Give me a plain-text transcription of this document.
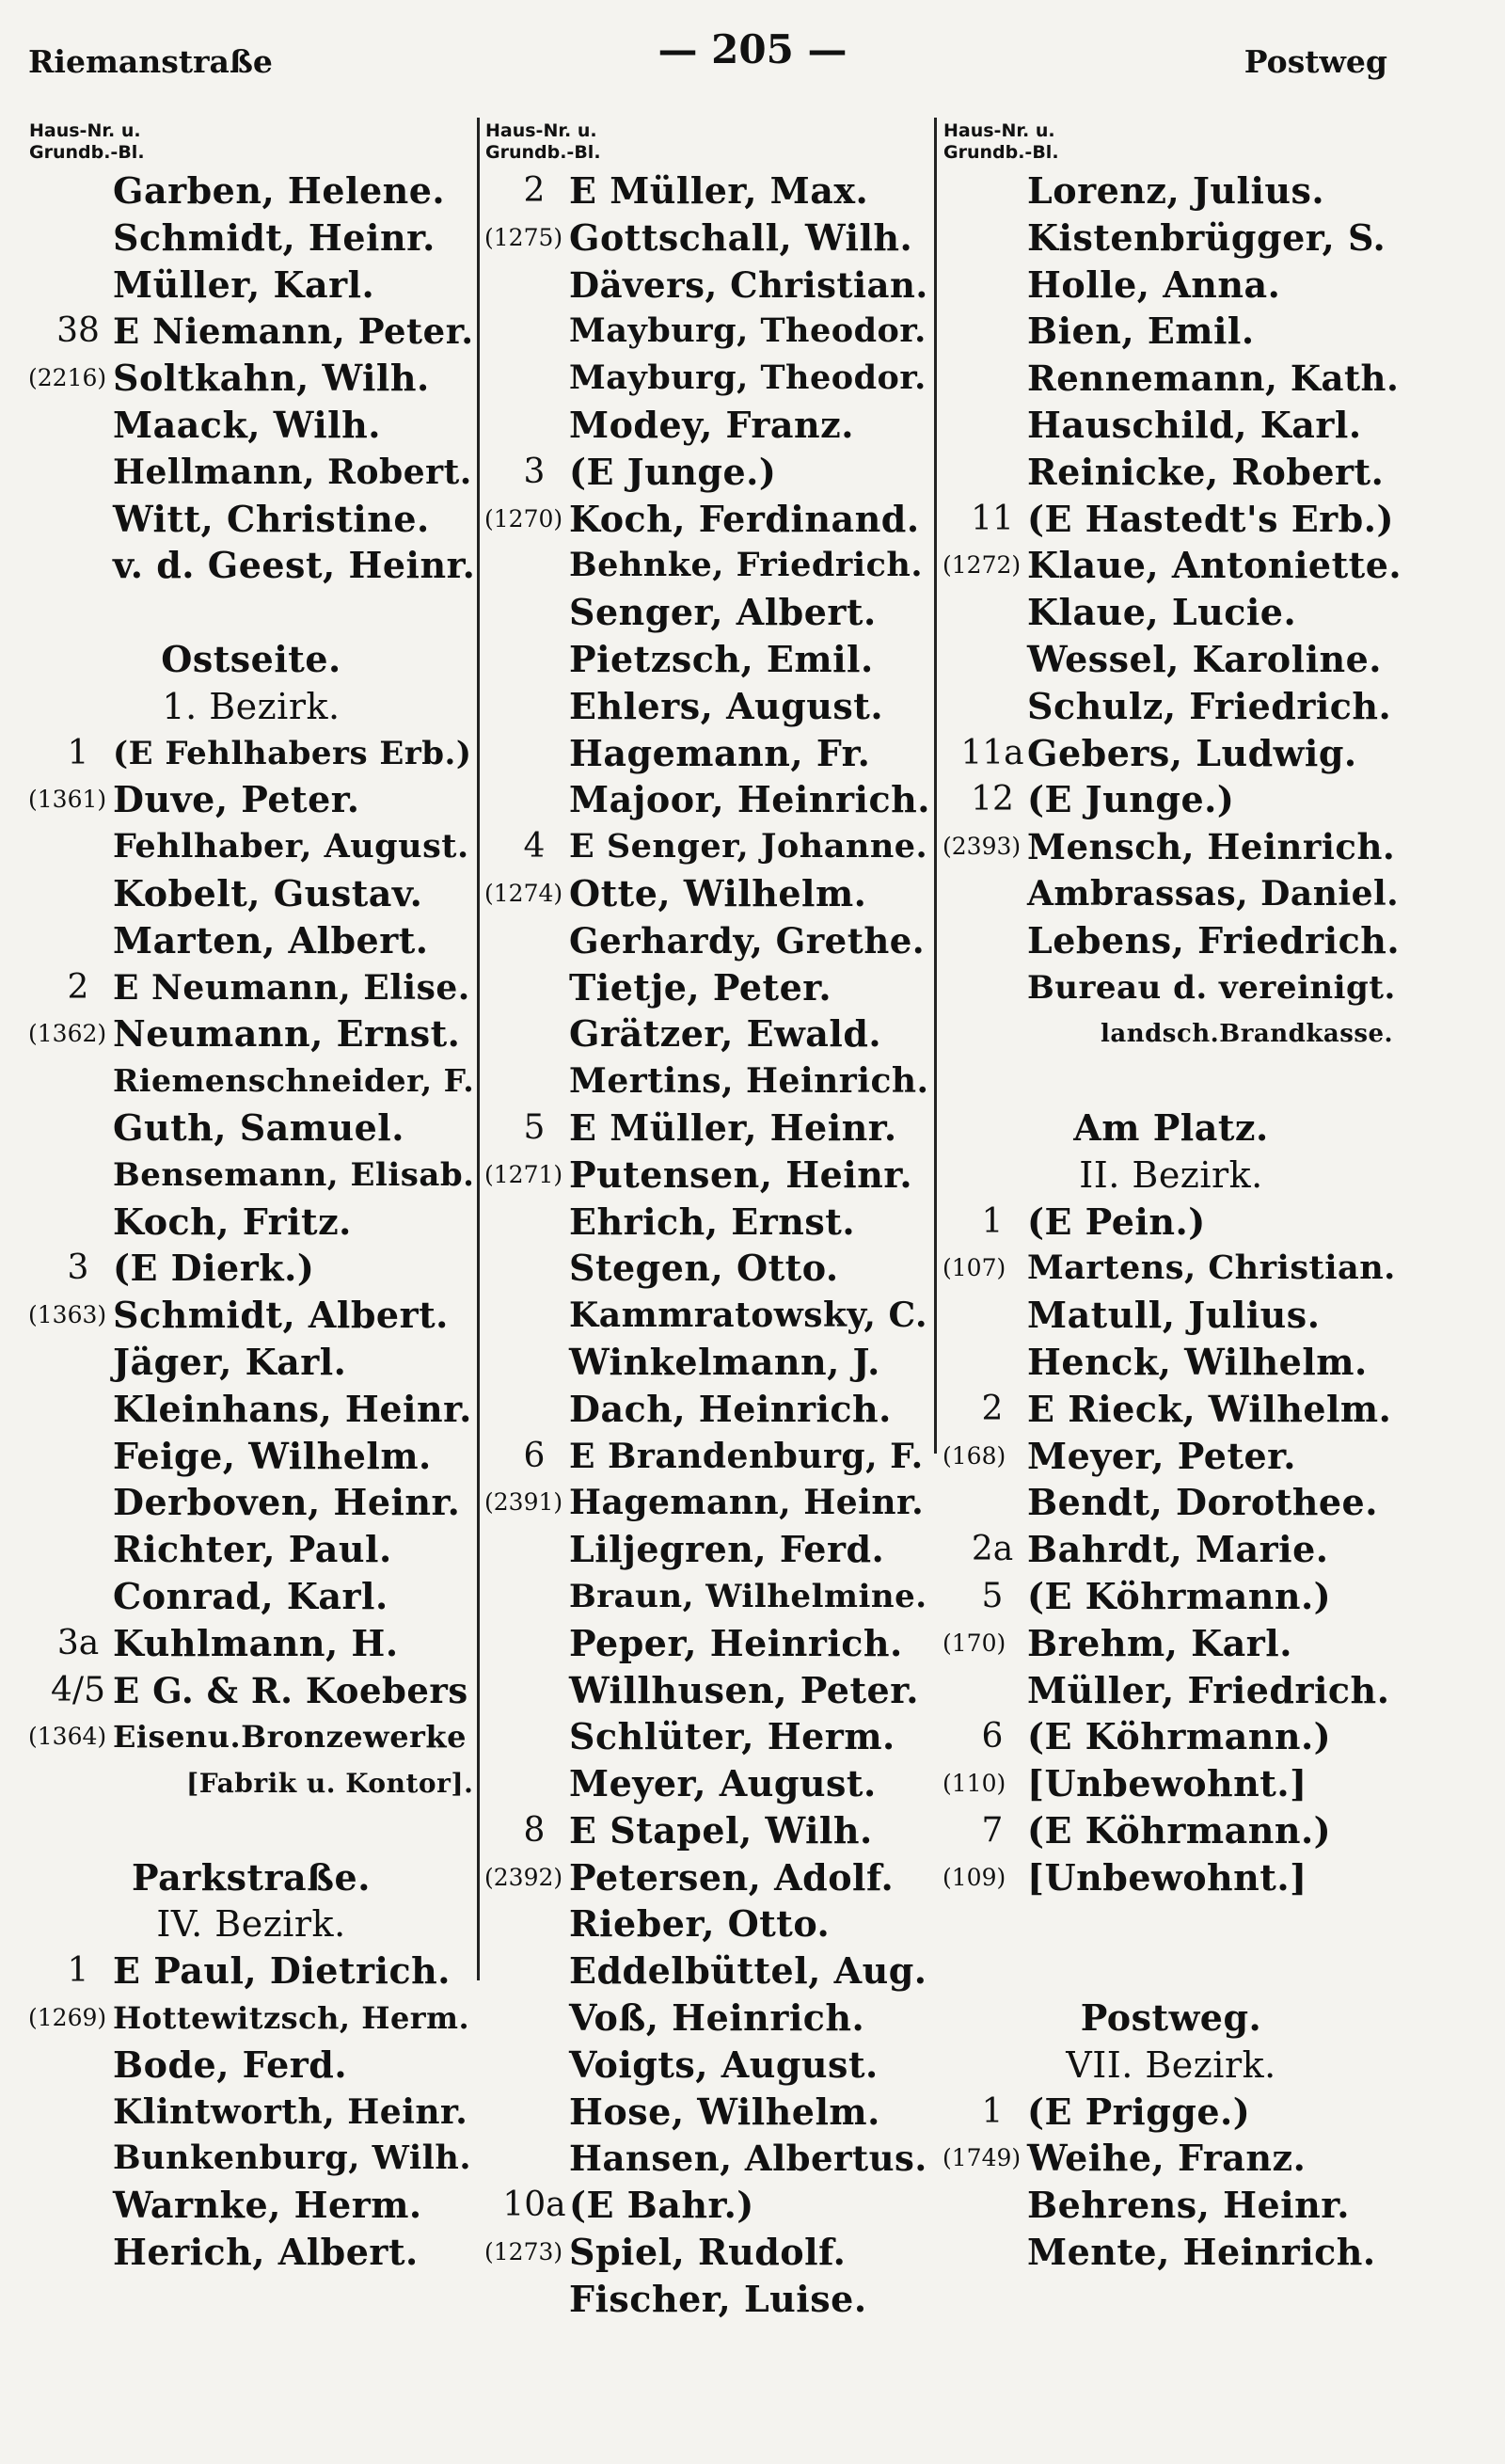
Riemanstraße	— 205 —	Postweg
Haus-Nr. u.
Grundb.-Bl.
Garben, Helene.
Schmidt, Heinr.
Müller, Karl.
38 E Niemann, Peter.
(2216) Soltkahn, Wilh.
Maack, Wilh.
Hellmann, Robert.
Witt, Christine.
v. d. Geest, Heinr.
Ostseite.
1. Bezirk.
1 (E Fehlhabers Erb.)
(1361) Duve, Peter.
Fehlhaber, August.
Kobelt, Gustav.
Marten, Albert.
2 E Neumann, Elise.
(1362) Neumann, Ernst.
Riemenschneider, F.
Guth, Samuel.
Bensemann, Elisab.
Koch, Fritz.
3 (E Dierk.)
(1363) Schmidt, Albert.
Jäger, Karl.
Kleinhans, Heinr.
Feige, Wilhelm.
Derboven, Heinr.
Richter, Paul.
Conrad, Karl.
3a Kuhlmann, H.
4/5 E G. & R. Koebers
(1364) Eisenu.Bronzewerke
[Fabrik u. Kontor].
Parkstraße.
IV. Bezirk.
1 E Paul, Dietrich.
(1269) Hottewitzsch, Herm.
Bode, Ferd.
Klintworth, Heinr.
Bunkenburg, Wilh.
Warnke, Herm.
Herich, Albert.
Haus-Nr. u.
Grundb.-Bl.
2 E Müller, Max.
(1275) Gottschall, Wilh.
Dävers, Christian.
Mayburg, Theodor.
Mayburg, Theodor.
Modey, Franz.
3 (E Junge.)
(1270) Koch, Ferdinand.
Behnke, Friedrich.
Senger, Albert.
Pietzsch, Emil.
Ehlers, August.
Hagemann, Fr.
Majoor, Heinrich.
4 E Senger, Johanne.
(1274) Otte, Wilhelm.
Gerhardy, Grethe.
Tietje, Peter.
Grätzer, Ewald.
Mertins, Heinrich.
5 E Müller, Heinr.
(1271) Putensen, Heinr.
Ehrich, Ernst.
Stegen, Otto.
Kammratowsky, C.
Winkelmann, J.
Dach, Heinrich.
6 E Brandenburg, F.
(2391) Hagemann, Heinr.
Liljegren, Ferd.
Braun, Wilhelmine.
Peper, Heinrich.
Willhusen, Peter.
Schlüter, Herm.
Meyer, August.
8 E Stapel, Wilh.
(2392) Petersen, Adolf.
Rieber, Otto.
Eddelbüttel, Aug.
Voß, Heinrich.
Voigts, August.
Hose, Wilhelm.
Hansen, Albertus.
10a (E Bahr.)
(1273) Spiel, Rudolf.
Fischer, Luise.
Haus-Nr. u.
Grundb.-Bl.
Lorenz, Julius.
Kistenbrügger, S.
Holle, Anna.
Bien, Emil.
Rennemann, Kath.
Hauschild, Karl.
Reinicke, Robert.
11 (E Hastedt's Erb.)
(1272) Klaue, Antoniette.
Klaue, Lucie.
Wessel, Karoline.
Schulz, Friedrich.
11a Gebers, Ludwig.
12 (E Junge.)
(2393) Mensch, Heinrich.
Ambrassas, Daniel.
Lebens, Friedrich.
Bureau d. vereinigt.
landsch.Brandkasse.
Am Platz.
II. Bezirk.
1 (E Pein.)
(107) Martens, Christian.
Matull, Julius.
Henck, Wilhelm.
2 E Rieck, Wilhelm.
(168) Meyer, Peter.
Bendt, Dorothee.
2a Bahrdt, Marie.
5 (E Köhrmann.)
(170) Brehm, Karl.
Müller, Friedrich.
6 (E Köhrmann.)
(110) [Unbewohnt.]
7 (E Köhrmann.)
(109) [Unbewohnt.]
Postweg.
VII. Bezirk.
1 (E Prigge.)
(1749) Weihe, Franz.
Behrens, Heinr.
Mente, Heinrich.
